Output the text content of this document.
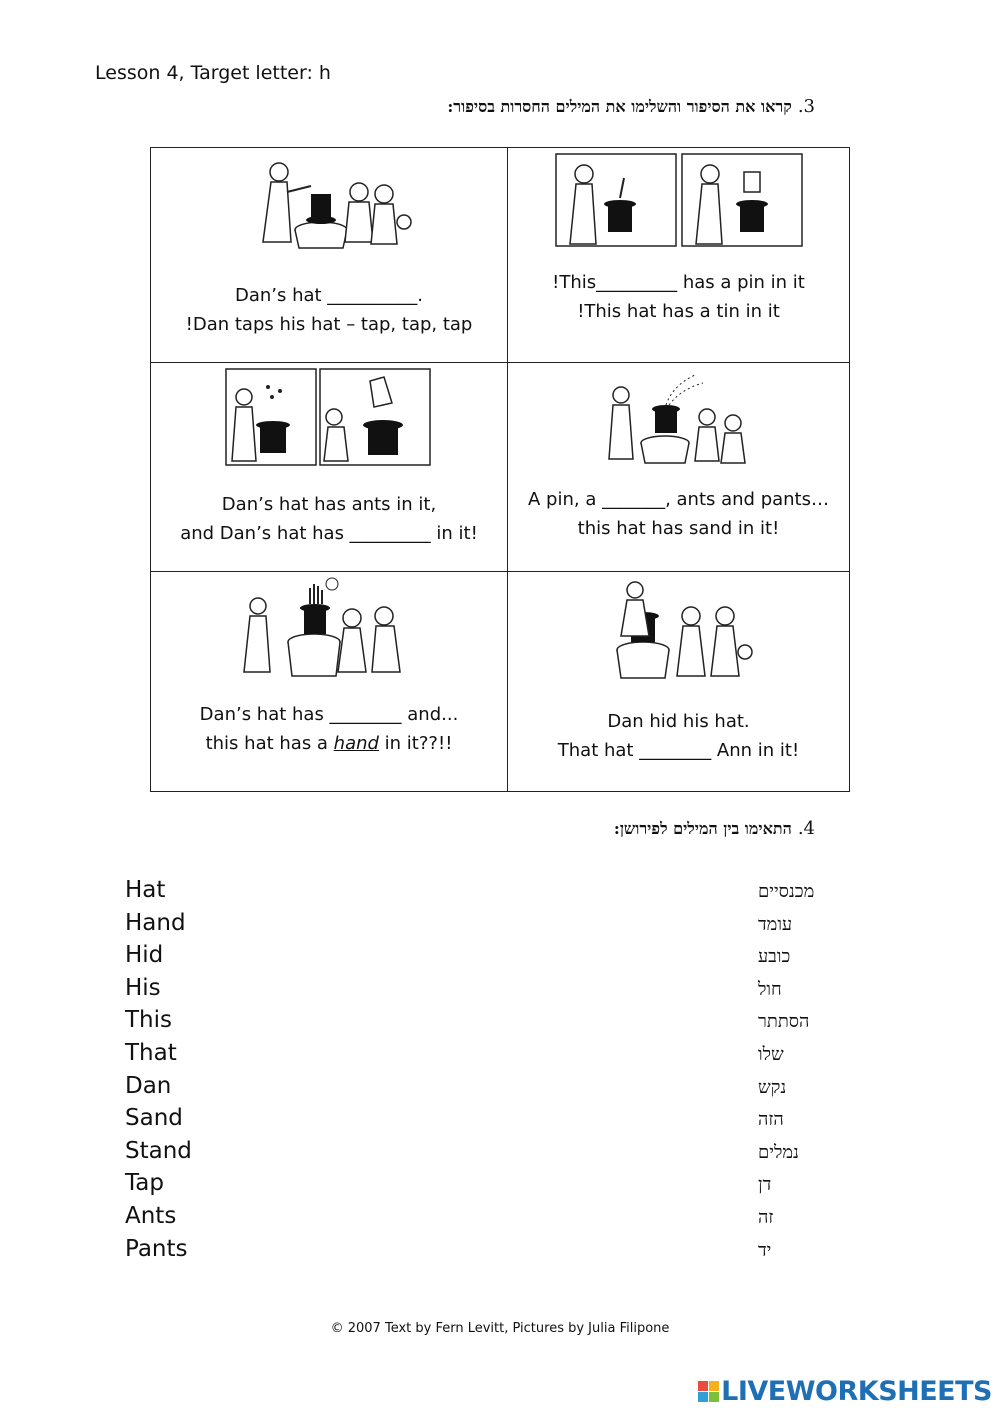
Lesson 4, Target letter: h
3.קראו את הסיפור והשלימו את המילים החסרות בסיפור:
Dan’s hat __________.
!Dan taps his hat – tap, tap, tap
!This_________ has a pin in it
!This hat has a tin in it
Dan’s hat has ants in it,
and Dan’s hat has _________ in it!
A pin, a _______, ants and pants…
this hat has sand in it!
Dan’s hat has ________ and...
this hat has a hand in it??!!
Dan hid his hat.
That hat ________ Ann in it!
4.התאימו בין המילים לפירושן:
Hat
Hand
Hid
His
This
That
Dan
Sand
Stand
Tap
Ants
Pants
מכנסיים
עומד
כובע
חול
הסתתר
שלו
נקש
הזה
נמלים
דן
זה
יד
© 2007 Text by Fern Levitt, Pictures by Julia Filipone
LIVEWORKSHEETS
